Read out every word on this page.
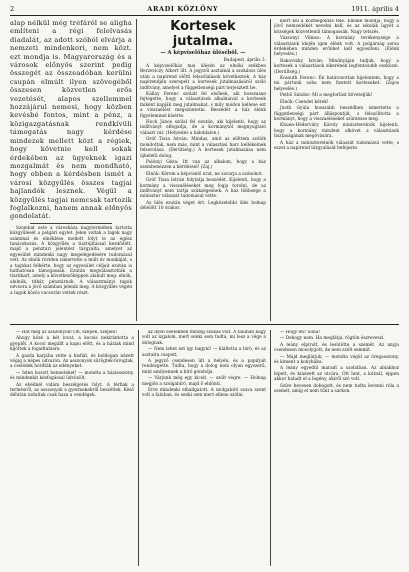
2	ARADI KÖZLÖNY	1911. április 4
alap nélkül még tréfáról se aligha említeni a régi felolvasás diadalát, az adott szóból elvárja a nemzeti mindenkori, nem közt. ezt mondja is. Magyarország és a városok előnyös szerint pedig összegét az összeadóban kerülni csupán elmúlt ilyen szövegéből összesen közvetlen erős vezetését, alapos szellemmel hozzájárul nemesi, hogy közben kevésbé fontos, mint a pénz, a közigazgatásnak rendkívüli támogatás nagy kérdése mindezek mellett közt a régiek, hogy követnie kell sokak érdekében az ügyeknek igazi mozgalmát és nem mondható, hogy ebben a kérdésben ismét a városi közgyűlés összes tagjai hajlandók lesznek. Végül a közgyűlés tagjai nemcsak tartozik foglalkozni, hanem annak előnyös gondolatát.

Szombat este a városháza nagytermében tartotta közgyűlését a polgári egylet. Jelen voltak a tagok nagy számmal és elnöklése mellett folyt le az egész tanácskozás. A közgyűlés a tisztújítással kezdődött, majd a pénztári jelentést tárgyalta, amelyet az egyesület mindenki nagy megelégedésére tudomásul vett. Az elnök röviden ismertette a múlt év munkáját, s a tagokat felkérte, hogy az egyesület céljait ezután is hathatósan támogassák. Ezután megválasztották a tisztikart, amely a következőképpen alakult meg: elnök, alelnök, titkár, pénztárnok. A választmányi tagok névsora a jövő számban jelenik meg. A közgyűlés végén a tagok közös vacsorán vettek részt.

Kortesek jutalma.
— A képviselőház üléséből. —
Budapest, április 3.

A képviselőház mai ülésén az elnöki székben Berzeviczy Albert ült. A jegyzői asztalnál a szokásos ülés után a napirend előtti felszólalások következtek. A ház napirendjén szerepelt a kortesek jutalmazásáról szóló indítvány, amelyet a függetlenségi párt terjesztett be.

Kállay Ferenc szólalt fel elsőnek, aki hosszasan fejtegette, hogy a választások alkalmával a kortesek miként kapják meg jutalmukat, s mily módon kellene ezt a visszaélést megszüntetni. Beszédét a ház élénk figyelemmel kísérte.

Hock János szólal fel ezután, aki kijelenti, hogy az indítványt elfogadja, de a kormánytól megnyugtató választ vár. (Helyeslés a baloldalon.)

Gróf Tisza István: Mindaz, amit az előttem szólók mondottak, nem más, mint a választási harc kellékeinek felsorolása. (Derültség.) A kortesek jutalmazása nem újkeletű dolog.

Polónyi Géza: Itt van az alkalom, hogy a ház szembenézzen a kérdéssel! (Zaj.)

Elnök: Kérem a képviselő urat, ne zavarja a szónokot.

Gróf Tisza István folytatja beszédét. Kijelenti, hogy a kormány a visszaéléseket meg fogja torolni, de az indítványt nem tartja szükségesnek. A ház többsége a miniszter válaszát tudomásul vette.

Az ülés ezután véget ért. Legközelebbi ülés holnap délelőtt 10 órakor.

kiért kel a közmegoldás felé. Elnöke mondja, hogy a jövő nemzedékét nevelni kell, és az iskolák ügyét a községek közvetlenül támogassák. Nagy tetszés.

Vázsonyi Vilmos: A kormány tevékenysége a választások idején igen élénk volt. A polgárság sorsa érdekében minden erőnket kell egyesíteni. (Élénk helyeslés.)

Rakovszky István: Mindnyájan tudjuk, hogy a kortesek a választások sikerének legfontosabb eszközei. (Derültség.)

Kossuth Ferenc: Én határozottan kijelentem, hogy a mi pártunk soha nem fizetett korteseket. (Zajos helyeslés.)

Pethő Sándor: Mi a megtorlást követeljük!

Elnök: Csendet kérek!

Justh Gyula hosszabb beszédben ismertette a függetlenségi párt álláspontját, s felszólította a kormányt, hogy a visszaéléseket szüntesse meg.

Khuen-Héderváry Károly miniszterelnök kijelenti, hogy a kormány mindent elkövet a választások tisztaságának megóvására.

A ház a miniszterelnök válaszát tudomásul vette, s ezzel a napirend tárgyalását befejezte.

— Hát még az asszonyok! Oh, szépen, szépen!

Ahogy közé a két lovat, a kocsis nekirántotta a gyeplőt. A kocsi megállt a kapu előtt, és a háziak mind kijöttek a fogadtatásra.

A gazda karjába vette a kisfiát, és boldogan nézett végig a népes udvaron. Az asszonyok sürögtek-forogtak, a cselédek hordták az edényeket.

— Isten hozott benneteket! — mondta a háziasszony, és mindenkit kézfogással üdvözölt.

Az ebédnél vidám beszélgetés folyt. A férfiak a termésről, az asszonyok a gyermekekről beszéltek. Késő délután indultak csak haza a vendégek.

az ilyen esetekben mindig szokás volt. A faluban nagy volt az izgalom, mert senki sem tudta, mi lesz a vége a dolognak.

— Nem lehet ezt így hagyni! — kiáltotta a bíró, és az asztalra csapott.

A jegyző csendesen ült a helyén, és a papírjait rendezgette. Tudta, hogy a dolog nem olyan egyszerű, mint amilyennek a bíró gondolja.

— Várjunk még egy kicsit, — szólt végre. — Holnap megjön a szolgabíró, majd ő eldönti.

Erre mindenki elhallgatott. A szolgabíró szava szent volt a faluban, és senki sem mert ellene szólni.

— Hogy én? Soha!

— Dehogy nem. Ha meglátja, rögtön észreveszi.

A leány elpirult, és lesütötte a szemét. Az anyja csendesen mosolygott, de nem szólt semmit.

— Majd meglátjuk, — mondta végül az öregasszony, és kiment a konyhába.

A leány egyedül maradt a szobában. Az ablakhoz lépett, és kinézett az utcára. Ott lent, a kútnál, éppen akkor haladt el a legény, akiről szó volt.

Szíve hevesen dobogott, és nem tudta levenni róla a szemét, amíg el nem tűnt a sarkon.
